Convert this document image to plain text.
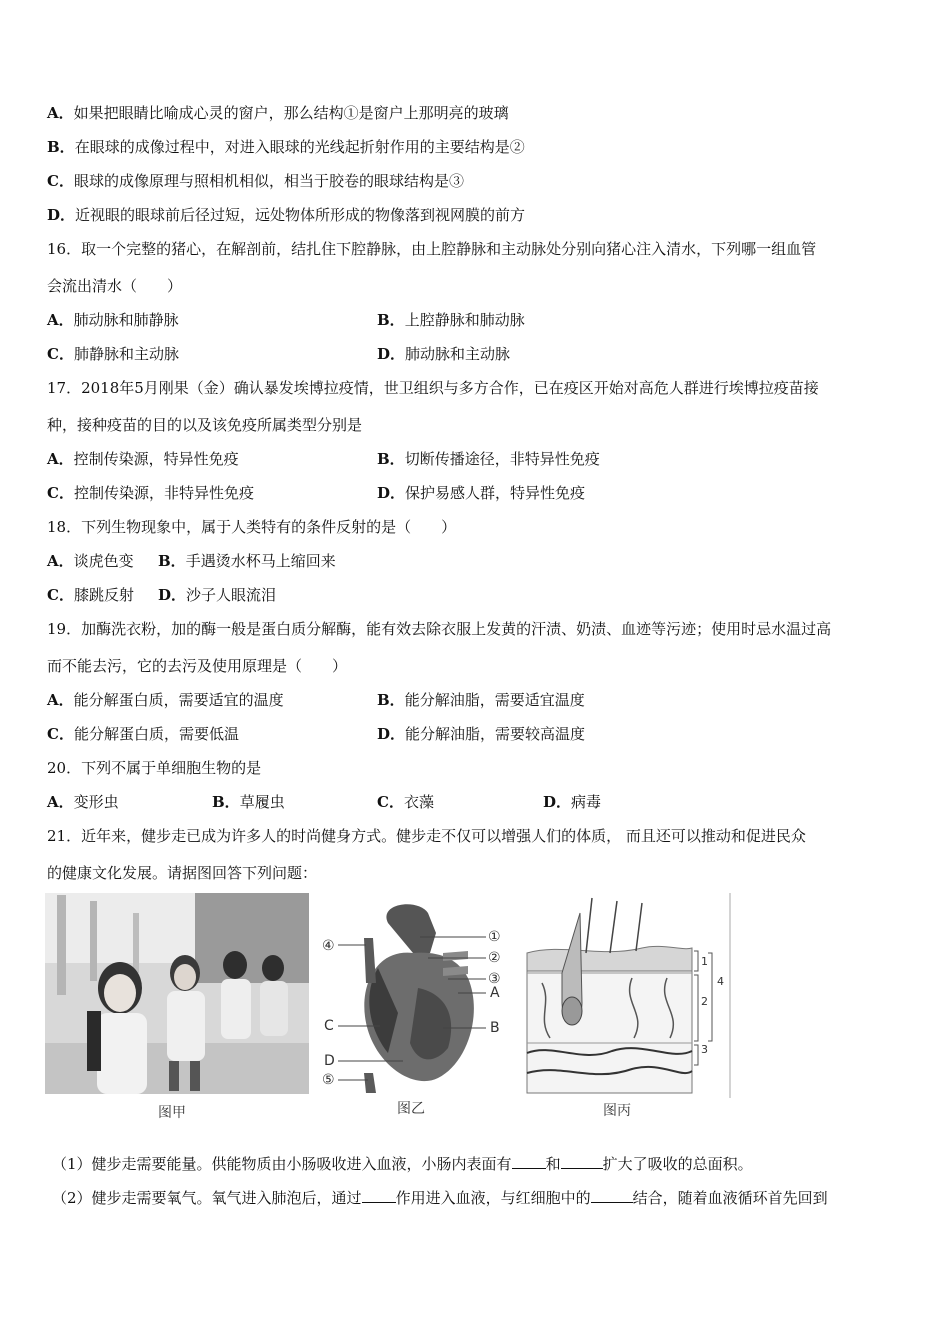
A．如果把眼睛比喻成心灵的窗户，那么结构①是窗户上那明亮的玻璃
B．在眼球的成像过程中，对进入眼球的光线起折射作用的主要结构是②
C．眼球的成像原理与照相机相似，相当于胶卷的眼球结构是③
D．近视眼的眼球前后径过短，远处物体所形成的物像落到视网膜的前方
16．取一个完整的猪心，在解剖前，结扎住下腔静脉，由上腔静脉和主动脉处分别向猪心注入清水，下列哪一组血管
会流出清水（　　）
A．肺动脉和肺静脉	B．上腔静脉和肺动脉
C．肺静脉和主动脉	D．肺动脉和主动脉
17．2018年5月刚果（金）确认暴发埃博拉疫情，世卫组织与多方合作，已在疫区开始对高危人群进行埃博拉疫苗接
种，接种疫苗的目的以及该免疫所属类型分别是
A．控制传染源，特异性免疫	B．切断传播途径，非特异性免疫
C．控制传染源，非特异性免疫	D．保护易感人群，特异性免疫
18．下列生物现象中，属于人类特有的条件反射的是（　　）
A．谈虎色变 B．手遇烫水杯马上缩回来
C．膝跳反射 D．沙子人眼流泪
19．加酶洗衣粉，加的酶一般是蛋白质分解酶，能有效去除衣服上发黄的汗渍、奶渍、血迹等污迹；使用时忌水温过高
而不能去污，它的去污及使用原理是（　　）
A．能分解蛋白质，需要适宜的温度	B．能分解油脂，需要适宜温度
C．能分解蛋白质，需要低温	D．能分解油脂，需要较高温度
20．下列不属于单细胞生物的是
A．变形虫	B．草履虫	C．衣藻	D．病毒
21．近年来，健步走已成为许多人的时尚健身方式。健步走不仅可以增强人们的体质， 而且还可以推动和促进民众
的健康文化发展。请据图回答下列问题：
图甲
④
①
②
③
A
B
C
D
⑤
图乙
1
2
3
4
图丙
（1）健步走需要能量。供能物质由小肠吸收进入血液，小肠内表面有 和	扩大了吸收的总面积。
（2）健步走需要氧气。氧气进入肺泡后，通过 作用进入血液，与红细胞中的	结合，随着血液循环首先回到
